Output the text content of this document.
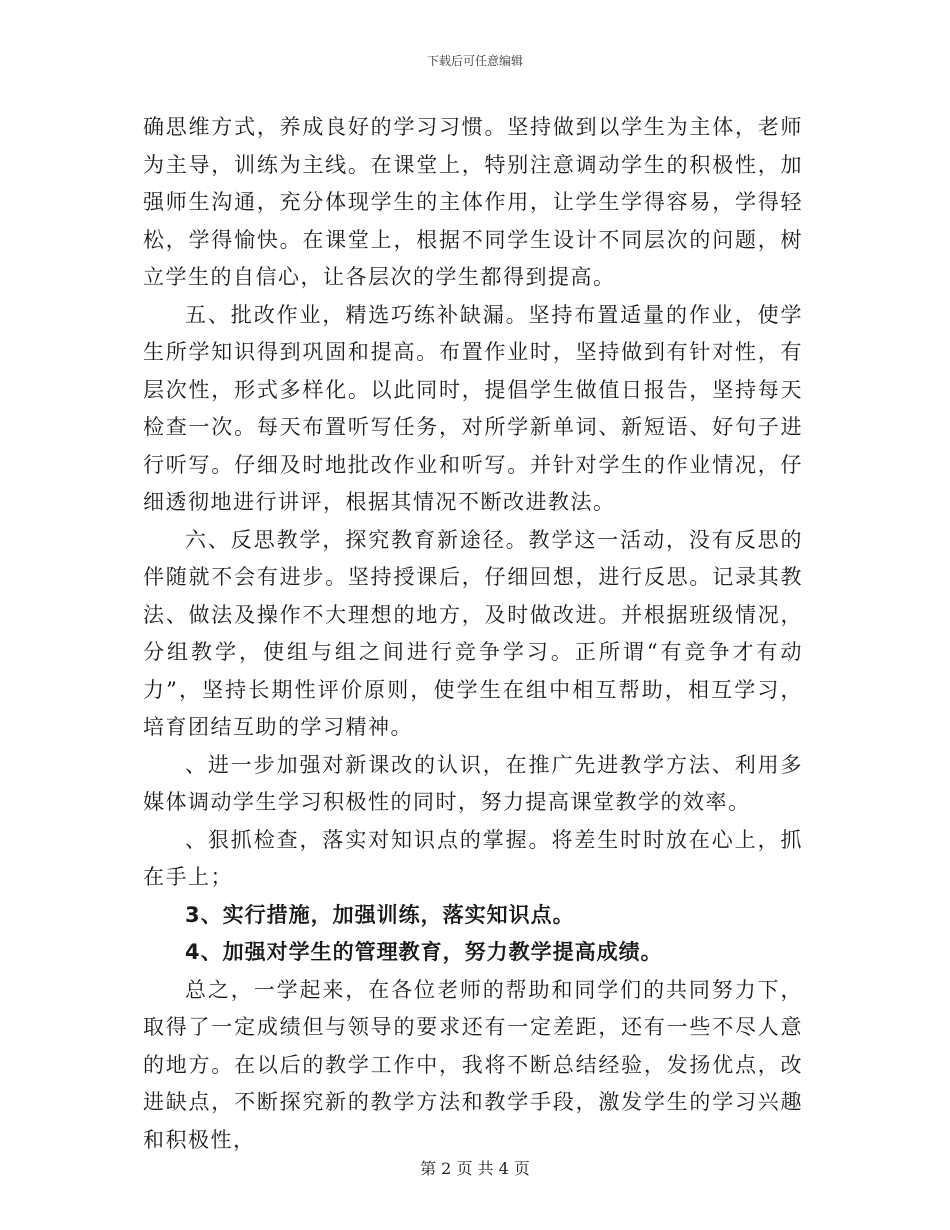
下载后可任意编辑

确思维方式，养成良好的学习习惯。坚持做到以学生为主体，老师为主导，训练为主线。在课堂上，特别注意调动学生的积极性，加强师生沟通，充分体现学生的主体作用，让学生学得容易，学得轻松，学得愉快。在课堂上，根据不同学生设计不同层次的问题，树立学生的自信心，让各层次的学生都得到提高。

五、批改作业，精选巧练补缺漏。坚持布置适量的作业，使学生所学知识得到巩固和提高。布置作业时，坚持做到有针对性，有层次性，形式多样化。以此同时，提倡学生做值日报告，坚持每天检查一次。每天布置听写任务，对所学新单词、新短语、好句子进行听写。仔细及时地批改作业和听写。并针对学生的作业情况，仔细透彻地进行讲评，根据其情况不断改进教法。

六、反思教学，探究教育新途径。教学这一活动，没有反思的伴随就不会有进步。坚持授课后，仔细回想，进行反思。记录其教法、做法及操作不大理想的地方，及时做改进。并根据班级情况，分组教学，使组与组之间进行竞争学习。正所谓“有竞争才有动力”，坚持长期性评价原则，使学生在组中相互帮助，相互学习，培育团结互助的学习精神。

、进一步加强对新课改的认识，在推广先进教学方法、利用多媒体调动学生学习积极性的同时，努力提高课堂教学的效率。

、狠抓检查，落实对知识点的掌握。将差生时时放在心上，抓在手上；

3、实行措施，加强训练，落实知识点。

4、加强对学生的管理教育，努力教学提高成绩。

总之，一学起来，在各位老师的帮助和同学们的共同努力下，取得了一定成绩但与领导的要求还有一定差距，还有一些不尽人意的地方。在以后的教学工作中，我将不断总结经验，发扬优点，改进缺点，不断探究新的教学方法和教学手段，激发学生的学习兴趣和积极性，

第 2 页 共 4 页
